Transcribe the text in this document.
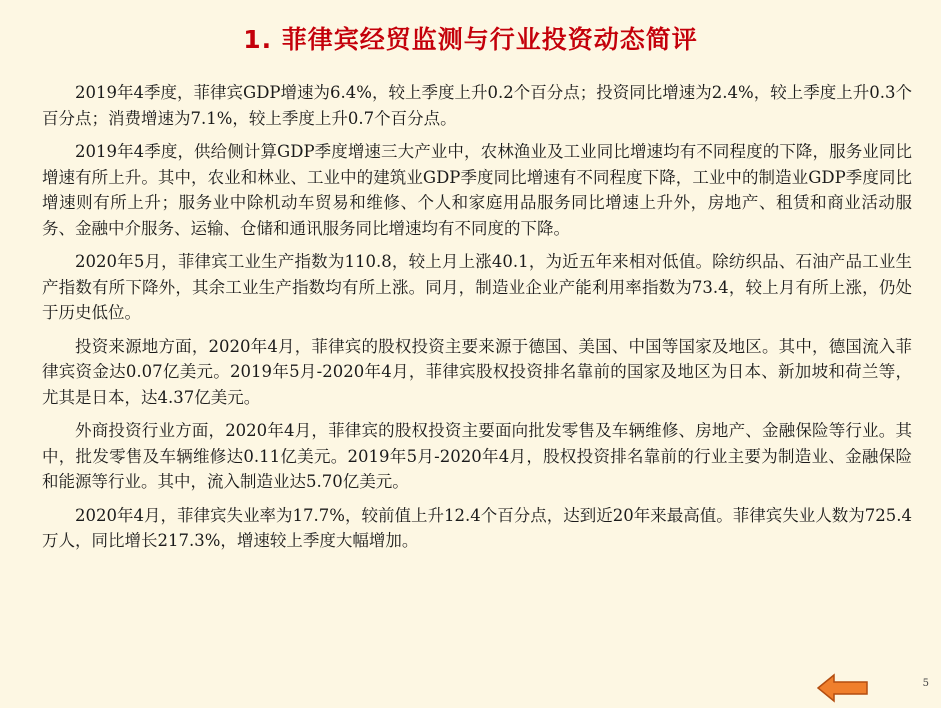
1. 菲律宾经贸监测与行业投资动态简评

2019年4季度，菲律宾GDP增速为6.4%，较上季度上升0.2个百分点；投资同比增速为2.4%，较上季度上升0.3个百分点；消费增速为7.1%，较上季度上升0.7个百分点。

2019年4季度，供给侧计算GDP季度增速三大产业中，农林渔业及工业同比增速均有不同程度的下降，服务业同比增速有所上升。其中，农业和林业、工业中的建筑业GDP季度同比增速有不同程度下降，工业中的制造业GDP季度同比增速则有所上升；服务业中除机动车贸易和维修、个人和家庭用品服务同比增速上升外，房地产、租赁和商业活动服务、金融中介服务、运输、仓储和通讯服务同比增速均有不同度的下降。

2020年5月，菲律宾工业生产指数为110.8，较上月上涨40.1，为近五年来相对低值。除纺织品、石油产品工业生产指数有所下降外，其余工业生产指数均有所上涨。同月，制造业企业产能利用率指数为73.4，较上月有所上涨，仍处于历史低位。

投资来源地方面，2020年4月，菲律宾的股权投资主要来源于德国、美国、中国等国家及地区。其中，德国流入菲律宾资金达0.07亿美元。2019年5月-2020年4月，菲律宾股权投资排名靠前的国家及地区为日本、新加坡和荷兰等，尤其是日本，达4.37亿美元。

外商投资行业方面，2020年4月，菲律宾的股权投资主要面向批发零售及车辆维修、房地产、金融保险等行业。其中，批发零售及车辆维修达0.11亿美元。2019年5月-2020年4月，股权投资排名靠前的行业主要为制造业、金融保险和能源等行业。其中，流入制造业达5.70亿美元。

2020年4月，菲律宾失业率为17.7%，较前值上升12.4个百分点，达到近20年来最高值。菲律宾失业人数为725.4万人，同比增长217.3%，增速较上季度大幅增加。

5
